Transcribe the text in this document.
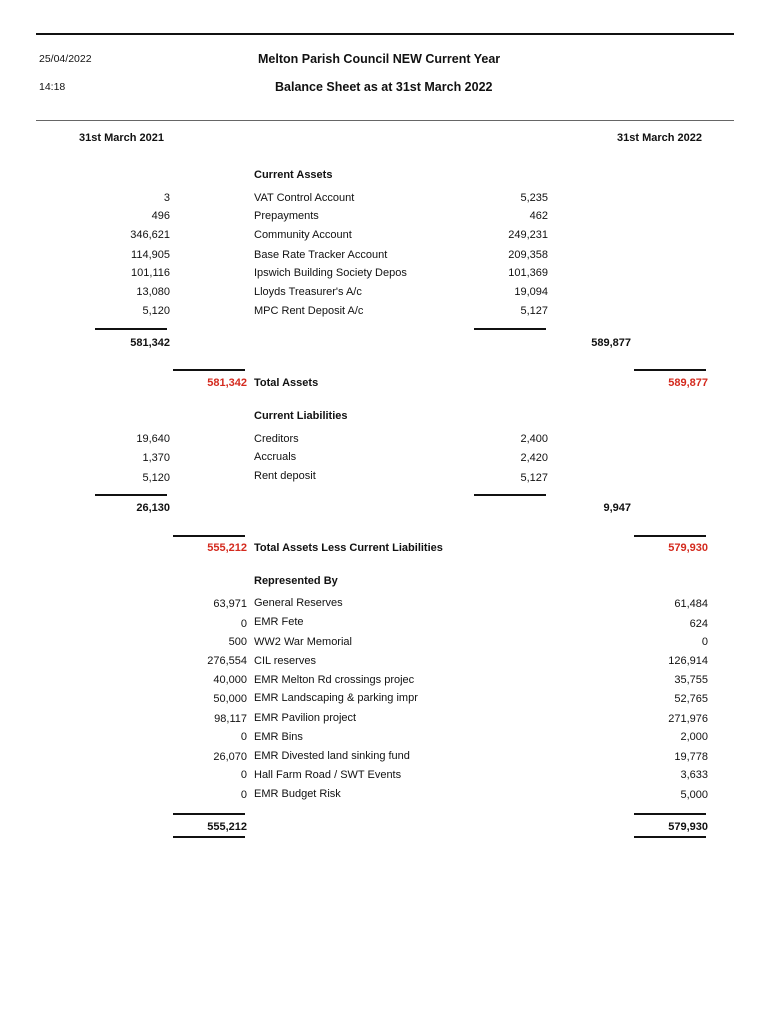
25/04/2022
14:18
Melton Parish Council NEW Current Year
Balance Sheet as at 31st March 2022
31st March 2021	31st March 2022
Current Assets
3	VAT Control Account	5,235
496	Prepayments	462
346,621	Community Account	249,231
114,905	Base Rate Tracker Account	209,358
101,116	Ipswich Building Society Depos	101,369
13,080	Lloyds Treasurer's A/c	19,094
5,120	MPC Rent Deposit A/c	5,127
581,342	589,877
581,342 Total Assets	589,877
Current Liabilities
19,640	Creditors	2,400
1,370	Accruals	2,420
5,120	Rent deposit	5,127
26,130	9,947
555,212 Total Assets Less Current Liabilities	579,930
Represented By
63,971 General Reserves	61,484
0 EMR Fete	624
500 WW2 War Memorial	0
276,554 CIL reserves	126,914
40,000 EMR Melton Rd crossings projec	35,755
50,000 EMR Landscaping & parking impr	52,765
98,117 EMR Pavilion project	271,976
0 EMR Bins	2,000
26,070 EMR Divested land sinking fund	19,778
0 Hall Farm Road / SWT Events	3,633
0 EMR Budget Risk	5,000
555,212	579,930
